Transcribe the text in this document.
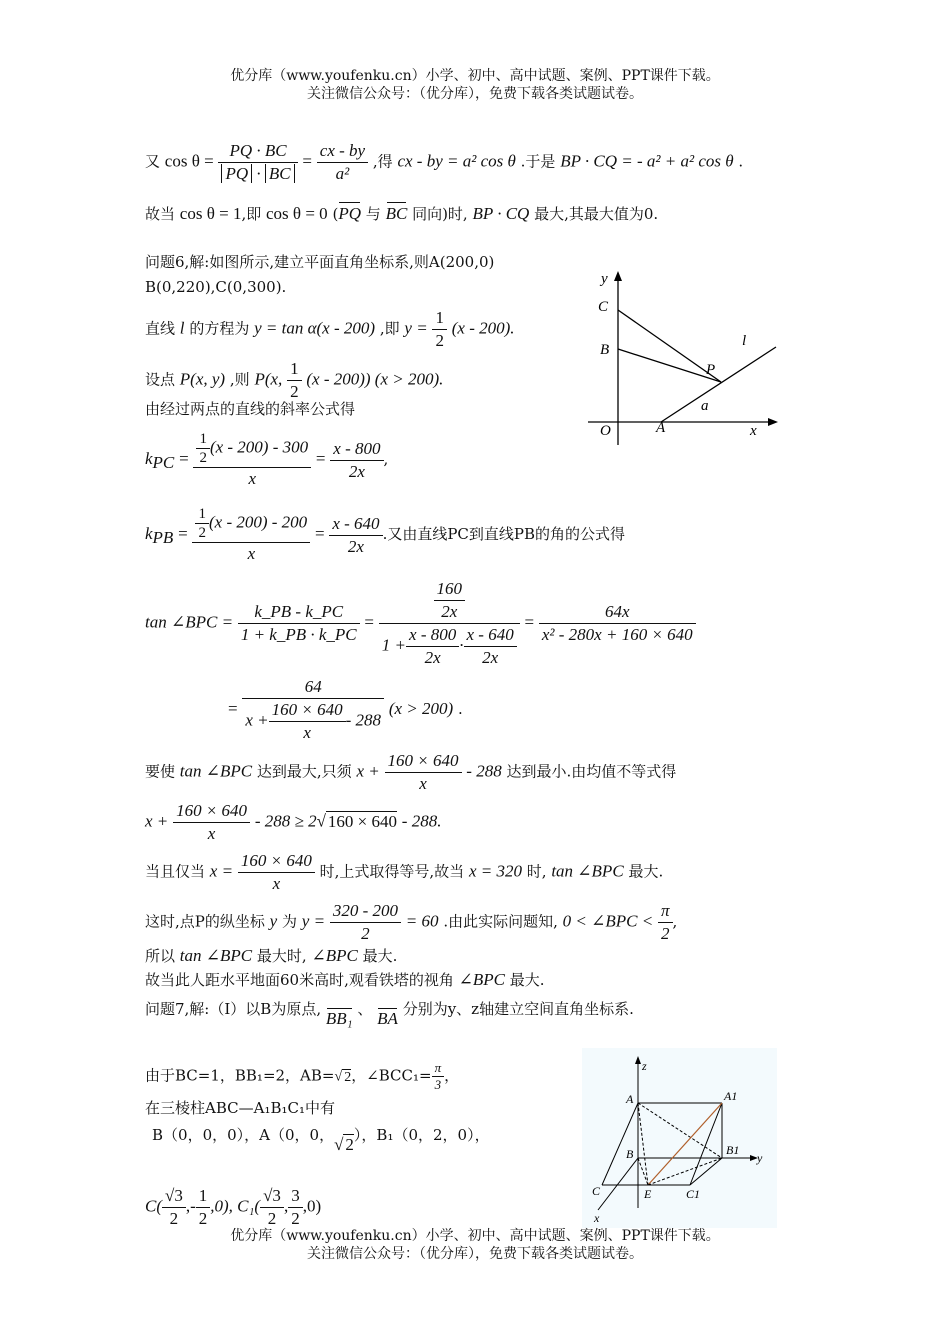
优分库（www.youfenku.cn）小学、初中、高中试题、案例、PPT课件下载。
关注微信公众号：（优分库），免费下载各类试题试卷。
又 $\cos \theta = \frac{PQ \cdot BC}{PQ \cdot BC} = \frac{cx - by}{\text{a²}}$ ,得 cx - by = a² cos θ .于是 BP · CQ = - a² + a² cos θ .
故当 cos θ = 1,即 cos θ = 0 (PQ 与 BC 同向)时, BP · CQ 最大,其最大值为0.
问题6,解:如图所示,建立平面直角坐标系,则A(200,0)
B(0,220),C(0,300).
直线 l 的方程为 y = tan α(x - 200) ,即 $y = \frac{1}{2} (x - 200)$.
设点 P(x, y) ,则 P(x, $\frac{1}{2} (x - 200)$) (x > 200).
由经过两点的直线的斜率公式得
$k_{PC} = \frac{\frac{1}{2} (x - 200) - 300}{x} = \frac{x - 800}{2x}$ ,
$k_{PB} = \frac{\frac{1}{2} (x - 200) - 200}{x} = \frac{x - 640}{2x}$ .又由直线PC到直线PB的角的公式得
tan ∠BPC = $\frac{k\_PB - k\_PC}{1 + k\_PB \cdot k\_PC} = \frac{\frac{160}{2x}}{1 + \frac{x - 800}{2x} \cdot \frac{x - 640}{2x}} = \frac{64x}{\text{x² - 280x + 160 × 640}}$
= $\frac{64}{x + \frac{160 \times 640}{x} - 288} (x > 200)$ .
要使 tan ∠BPC 达到最大,只须 $x + \frac{160 \times 640}{x} - 288$ 达到最小.由均值不等式得
$x + \frac{160 \times 640}{x} - 288 \ge 2√$ 160 × 640 - 288.
当且仅当 $x = \frac{160 \times 640}{x}$ 时,上式取得等号,故当 x = 320 时, tan ∠BPC 最大.
这时,点P的纵坐标 y 为 $y = \frac{320 - 200}{2} = 60$ .由此实际问题知, 0 < ∠BPC < $\frac{\pi}{2}$ ,
所以 tan ∠BPC 最大时, ∠BPC 最大.
故当此人距水平地面60米高时,观看铁塔的视角 ∠BPC 最大.
y
C
B
O	A
P
l
a
x
问题7,解:（I）以B为原点, BB₁ 、 BA 分别为y、z轴建立空间直角坐标系.
由于BC=1，BB₁=2，AB=√ 2，∠BCC₁= $\frac{\pi}{3}$ ，
在三棱柱ABC—A₁B₁C₁中有
B（0，0，0），A（0，0，√ 2），B₁（0，2，0），
$C( \frac{√3}{2}$ ,- $\frac{1}{2} ,0$), $C_1( \frac{√3}{2}$ , $\frac{3}{2} ,0$)
z
A	A1
B	B1
y
C	E	C1
x
优分库（www.youfenku.cn）小学、初中、高中试题、案例、PPT课件下载。
关注微信公众号：（优分库），免费下载各类试题试卷。
